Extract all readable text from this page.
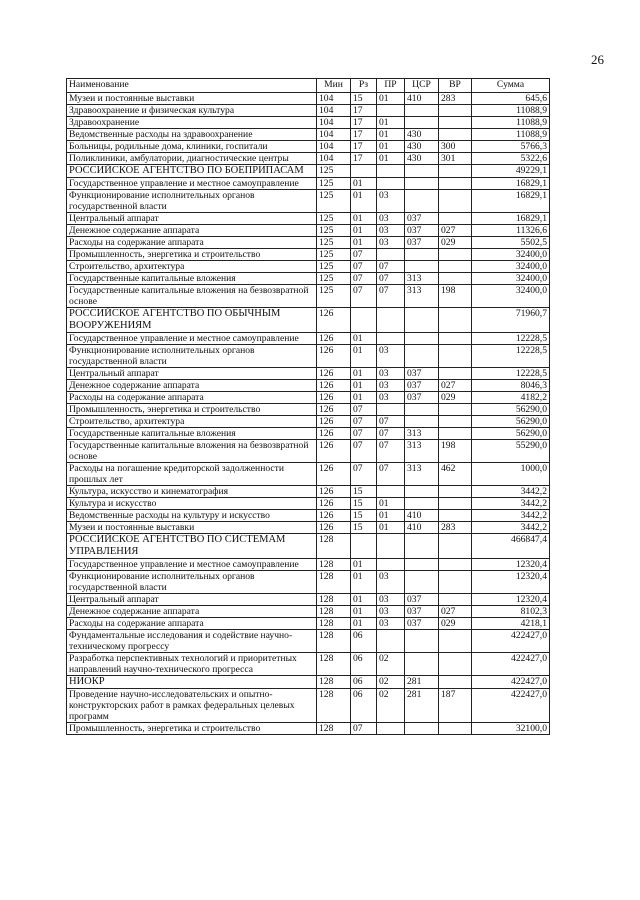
26
Наименование	Мин	Рз	ПР	ЦСР	ВР	Сумма
Музеи и постоянные выставки	104	15	01	410	283	645,6
Здравоохранение и физическая культура	104	17				11088,9
Здравоохранение	104	17	01			11088,9
Ведомственные расходы на здравоохранение	104	17	01	430		11088,9
Больницы, родильные дома, клиники, госпитали	104	17	01	430	300	5766,3
Поликлиники, амбулатории, диагностические центры	104	17	01	430	301	5322,6
РОССИЙСКОЕ АГЕНТСТВО ПО БОЕПРИПАСАМ	125					49229,1
Государственное управление и местное самоуправление	125	01				16829,1
Функционирование исполнительных органов государственной власти	125	01	03			16829,1
Центральный аппарат	125	01	03	037		16829,1
Денежное содержание аппарата	125	01	03	037	027	11326,6
Расходы на содержание аппарата	125	01	03	037	029	5502,5
Промышленность, энергетика и строительство	125	07				32400,0
Строительство, архитектура	125	07	07			32400,0
Государственные капитальные вложения	125	07	07	313		32400,0
Государственные капитальные вложения на безвозвратной основе	125	07	07	313	198	32400,0
РОССИЙСКОЕ АГЕНТСТВО ПО ОБЫЧНЫМ ВООРУЖЕНИЯМ	126					71960,7
Государственное управление и местное самоуправление	126	01				12228,5
Функционирование исполнительных органов государственной власти	126	01	03			12228,5
Центральный аппарат	126	01	03	037		12228,5
Денежное содержание аппарата	126	01	03	037	027	8046,3
Расходы на содержание аппарата	126	01	03	037	029	4182,2
Промышленность, энергетика и строительство	126	07				56290,0
Строительство, архитектура	126	07	07			56290,0
Государственные капитальные вложения	126	07	07	313		56290,0
Государственные капитальные вложения на безвозвратной основе	126	07	07	313	198	55290,0
Расходы на погашение кредиторской задолженности прошлых лет	126	07	07	313	462	1000,0
Культура, искусство и кинематография	126	15				3442,2
Культура и искусство	126	15	01			3442,2
Ведомственные расходы на культуру и искусство	126	15	01	410		3442,2
Музеи и постоянные выставки	126	15	01	410	283	3442,2
РОССИЙСКОЕ АГЕНТСТВО ПО СИСТЕМАМ УПРАВЛЕНИЯ	128					466847,4
Государственное управление и местное самоуправление	128	01				12320,4
Функционирование исполнительных органов государственной власти	128	01	03			12320,4
Центральный аппарат	128	01	03	037		12320,4
Денежное содержание аппарата	128	01	03	037	027	8102,3
Расходы на содержание аппарата	128	01	03	037	029	4218,1
Фундаментальные исследования и содействие научно-техническому прогрессу	128	06				422427,0
Разработка перспективных технологий и приоритетных направлений научно-технического прогресса	128	06	02			422427,0
НИОКР	128	06	02	281		422427,0
Проведение научно-исследовательских и опытно-конструкторских работ в рамках федеральных целевых программ	128	06	02	281	187	422427,0
Промышленность, энергетика и строительство	128	07				32100,0
